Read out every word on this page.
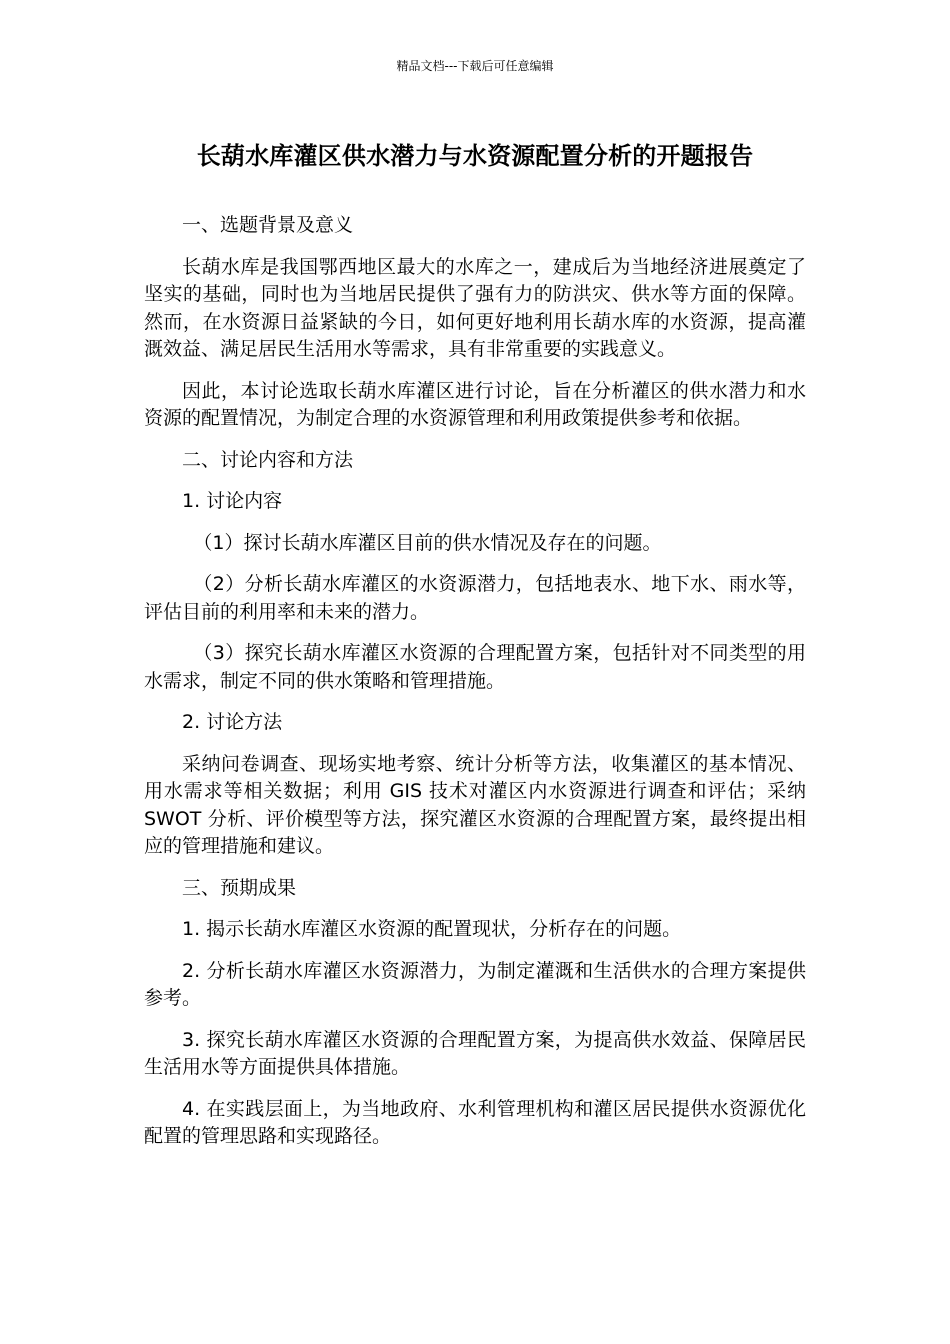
精品文档---下载后可任意编辑
长葫水库灌区供水潜力与水资源配置分析的开题报告

一、选题背景及意义

长葫水库是我国鄂西地区最大的水库之一，建成后为当地经济进展奠定了坚实的基础，同时也为当地居民提供了强有力的防洪灾、供水等方面的保障。然而，在水资源日益紧缺的今日，如何更好地利用长葫水库的水资源，提高灌溉效益、满足居民生活用水等需求，具有非常重要的实践意义。

因此，本讨论选取长葫水库灌区进行讨论，旨在分析灌区的供水潜力和水资源的配置情况，为制定合理的水资源管理和利用政策提供参考和依据。

二、讨论内容和方法

1. 讨论内容

（1）探讨长葫水库灌区目前的供水情况及存在的问题。

（2）分析长葫水库灌区的水资源潜力，包括地表水、地下水、雨水等，评估目前的利用率和未来的潜力。

（3）探究长葫水库灌区水资源的合理配置方案，包括针对不同类型的用水需求，制定不同的供水策略和管理措施。

2. 讨论方法

采纳问卷调查、现场实地考察、统计分析等方法，收集灌区的基本情况、用水需求等相关数据；利用 GIS 技术对灌区内水资源进行调查和评估；采纳 SWOT 分析、评价模型等方法，探究灌区水资源的合理配置方案，最终提出相应的管理措施和建议。

三、预期成果

1. 揭示长葫水库灌区水资源的配置现状，分析存在的问题。

2. 分析长葫水库灌区水资源潜力，为制定灌溉和生活供水的合理方案提供参考。

3. 探究长葫水库灌区水资源的合理配置方案，为提高供水效益、保障居民生活用水等方面提供具体措施。

4. 在实践层面上，为当地政府、水利管理机构和灌区居民提供水资源优化配置的管理思路和实现路径。
